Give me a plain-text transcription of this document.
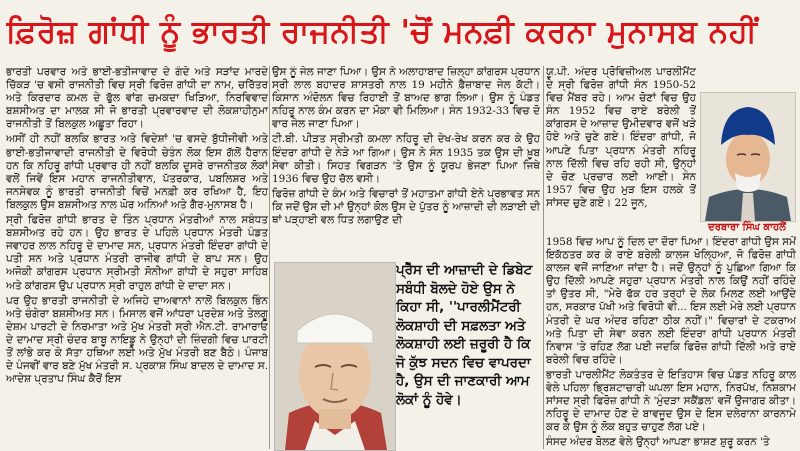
ਫ਼ਿਰੋਜ਼ ਗਾਂਧੀ ਨੂੰ ਭਾਰਤੀ ਰਾਜਨੀਤੀ 'ਚੋਂ ਮਨਫ਼ੀ ਕਰਨਾ ਮੁਨਾਸਬ ਨਹੀਂ

ਭਾਰਤੀ ਪਰਵਾਰ ਅਤੇ ਭਾਈ-ਭਤੀਜਾਵਾਦ ਦੇ ਗੰਦੇ ਅਤੇ ਸੜਾਂਦ ਮਾਰਦੇ ਚਿੱਕੜ 'ਚ ਵਸੀ ਰਾਜਨੀਤੀ ਵਿਚ ਸ੍ਰੀ ਫਿਰੋਜ਼ ਗਾਂਧੀ ਦਾ ਨਾਮ, ਚਰਿੱਤਰ ਅਤੇ ਕਿਰਦਾਰ ਕਮਲ ਦੇ ਫੁੱਲ ਵਾਂਗ ਚਮਕਦਾ ਖਿੜਿਆ, ਨਿਰਵਿਵਾਦ ਬਸ਼ਸੀਅਤ ਦਾ ਮਾਲਕ ਸੀ ਜੋ ਭਾਰਤੀ ਪ੍ਰਵਾਰਵਾਦ ਦੀ ਲੋਕਸ਼ਾਹੀਨੁਮਾ ਰਾਜਨੀਤੀ ਤੋਂ ਬਿਲਕੁਲ ਅਛੂਤਾ ਰਿਹਾ।

ਅਸੀਂ ਹੀ ਨਹੀਂ ਬਲਕਿ ਭਾਰਤ ਅਤੇ ਵਿਦੇਸ਼ਾਂ 'ਚ ਵਸਦੇ ਬੁੱਧੀਜੀਵੀ ਅਤੇ ਭਾਈ-ਭਤੀਜਾਵਾਦੀ ਰਾਜਨੀਤੀ ਦੇ ਵਿਰੋਧੀ ਚੇਤੰਨ ਲੋਕ ਇਸ ਗੱਲੋਂ ਹੈਰਾਨ ਹਨ ਕਿ ਨਹਿਰੂ ਗਾਂਧੀ ਪ੍ਰਵਾਰ ਹੀ ਨਹੀਂ ਬਲਕਿ ਦੂਸਰੇ ਰਾਜਨੀਤਕ ਲੋਕਾਂ ਵਲੋਂ ਜਿਵੇਂ ਇਸ ਮਹਾਨ ਰਾਜਨੀਤੀਵਾਨ, ਪੱਤਰਕਾਰ, ਪਬਲਿਸ਼ਰ ਅਤੇ ਜਨਸੇਵਕ ਨੂੰ ਭਾਰਤੀ ਰਾਜਨੀਤੀ ਵਿਚੋਂ ਮਨਫ਼ੀ ਕਰ ਰਖਿਆ ਹੈ, ਇਹ ਬਿਲਕੁਲ ਉਸ ਬਸ਼ਸੀਅਤ ਨਾਲ ਘੋਰ ਅਨਿਆਂ ਅਤੇ ਗੈਰ-ਮੁਨਾਸਬ ਹੈ।

ਸ੍ਰੀ ਫਿਰੋਜ਼ ਗਾਂਧੀ ਭਾਰਤ ਦੇ ਤਿੰਨ ਪ੍ਰਧਾਨ ਮੰਤਰੀਆਂ ਨਾਲ ਸਬੰਧਤ ਬਸ਼ਸੀਅਤ ਰਹੇ ਹਨ। ਉਹ ਭਾਰਤ ਦੇ ਪਹਿਲੇ ਪ੍ਰਧਾਨ ਮੰਤਰੀ ਪੰਡਤ ਜਵਾਹਰ ਲਾਲ ਨਹਿਰੂ ਦੇ ਦਾਮਾਦ ਸਨ, ਪ੍ਰਧਾਨ ਮੰਤਰੀ ਇੰਦਰਾ ਗਾਂਧੀ ਦੇ ਪਤੀ ਸਨ ਅਤੇ ਪ੍ਰਧਾਨ ਮੰਤਰੀ ਰਾਜੀਵ ਗਾਂਧੀ ਦੇ ਬਾਪ ਸਨ। ਉਹ ਅਜੋਕੀ ਕਾਂਗਰਸ ਪ੍ਰਧਾਨ ਸ੍ਰੀਮਤੀ ਸੋਨੀਆ ਗਾਂਧੀ ਦੇ ਸਹੁਰਾ ਸਾਹਿਬ ਅਤੇ ਕਾਂਗਰਸ ਉਪ ਪ੍ਰਧਾਨ ਸ੍ਰੀ ਰਾਹੁਲ ਗਾਂਧੀ ਦੇ ਦਾਦਾ ਸਨ।

ਪਰ ਉਹ ਭਾਰਤੀ ਰਾਜਨੀਤੀ ਦੇ ਅਜਿਹੇ ਦਾਅਵਾਨਾਂ ਨਾਲੋਂ ਬਿਲਕੁਲ ਭਿੰਨ ਅਤੇ ਚੰਗੇਰਾ ਬਸ਼ਸੀਅਤ ਸਨ। ਮਿਸਾਲ ਵਜੋਂ ਆਂਧਰਾ ਪ੍ਰਦੇਸ਼ ਅਤੇ ਤੇਲਗੂ ਦੇਸ਼ਮ ਪਾਰਟੀ ਦੇ ਨਿਰਮਾਤਾ ਅਤੇ ਮੁੱਖ ਮੰਤਰੀ ਸ੍ਰੀ ਐਨ.ਟੀ. ਰਾਮਾਰਾਓ ਦੇ ਦਾਮਾਦ ਸ੍ਰੀ ਚੰਦਰ ਬਾਬੂ ਨਾਇਡੂ ਨੇ ਉਨ੍ਹਾਂ ਦੀ ਜ਼ਿੰਦਗੀ ਵਿਚ ਪਾਰਟੀ ਤੋਂ ਲਾਂਭੇ ਕਰ ਕੇ ਸੱਤਾ ਹਥਿਆ ਲਈ ਅਤੇ ਮੁੱਖ ਮੰਤਰੀ ਬਣ ਬੈਠੇ। ਪੰਜਾਬ ਦੇ ਪੰਜਵੀਂ ਵਾਰ ਬਣੇ ਮੁੱਖ ਮੰਤਰੀ ਸ. ਪ੍ਰਕਾਸ਼ ਸਿੰਘ ਬਾਦਲ ਦੇ ਦਾਮਾਦ ਸ. ਆਦੇਸ਼ ਪ੍ਰਤਾਪ ਸਿੰਘ ਕੈਰੋਂ ਇਸ

ਉਸ ਨੂੰ ਜੇਲ ਜਾਣਾ ਪਿਆ। ਉਸ ਨੇ ਅਲਾਹਾਬਾਦ ਜ਼ਿਲ੍ਹਾ ਕਾਂਗਰਸ ਪ੍ਰਧਾਨ ਸ੍ਰੀ ਲਾਲ ਬਹਾਦਰ ਸ਼ਾਸਤਰੀ ਨਾਲ 19 ਮਹੀਨੇ ਫ਼ੈਜ਼ਾਬਾਦ ਜੇਲ ਕੱਟੀ। ਕਿਸਾਨ ਅੰਦੋਲਨ ਵਿਚ ਰਿਹਾਈ ਤੋਂ ਬਾਅਦ ਭਾਗ ਲਿਆ। ਉਸ ਨੂੰ ਪੰਡਤ ਨਹਿਰੂ ਨਾਲ ਕੰਮ ਕਰਨ ਦਾ ਮੌਕਾ ਵੀ ਮਿਲਿਆ। ਸੰਨ 1932-33 ਵਿਚ ਦੋ ਵਾਰ ਜੇਲ ਜਾਣਾ ਪਿਆ।

ਟੀ.ਬੀ. ਪੀੜਤ ਸ੍ਰੀਮਤੀ ਕਮਲਾ ਨਹਿਰੂ ਦੀ ਦੇਖ-ਰੇਖ ਕਰਨ ਕਰ ਕੇ ਉਹ ਇੰਦਰਾ ਗਾਂਧੀ ਦੇ ਨੇੜੇ ਆ ਗਿਆ। ਉਸ ਨੇ ਸੰਨ 1935 ਤਕ ਉਸ ਦੀ ਖ਼ੂਬ ਸੇਵਾ ਕੀਤੀ। ਸਿਹਤ ਵਿਗੜਨ 'ਤੇ ਉਸ ਨੂੰ ਯੂਰਪ ਭੇਜਣਾ ਪਿਆ ਜਿਥੇ 1936 ਵਿਚ ਉਹ ਚੱਲ ਵਸੀ।

ਫਿਰੋਜ਼ ਗਾਂਧੀ ਦੇ ਕੰਮ ਅਤੇ ਵਿਚਾਰਾਂ ਤੋਂ ਮਹਾਤਮਾ ਗਾਂਧੀ ਏਨੇ ਪ੍ਰਭਾਵਤ ਸਨ ਕਿ ਜਦੋਂ ਉਸ ਦੀ ਮਾਂ ਉਨ੍ਹਾਂ ਕੋਲ ਉਸ ਦੇ ਪੁੱਤਰ ਨੂੰ ਆਜ਼ਾਦੀ ਦੀ ਲੜਾਈ ਦੀ ਥਾਂ ਪੜ੍ਹਾਈ ਵਲ ਧਿਤ ਲਗਾਉਣ ਦੀ

ਪ੍ਰੈੱਸ ਦੀ ਆਜ਼ਾਦੀ ਦੇ ਡਿਬੇਟ ਸਬੰਧੀ ਬੋਲਦੇ ਹੋਏ ਉਸ ਨੇ ਕਿਹਾ ਸੀ, ''ਪਾਰਲੀਮੈਂਟਰੀ ਲੋਕਸ਼ਾਹੀ ਦੀ ਸਫ਼ਲਤਾ ਅਤੇ ਲੋਕਸ਼ਾਹੀ ਲਈ ਜ਼ਰੂਰੀ ਹੈ ਕਿ ਜੋ ਕੁੱਝ ਸਦਨ ਵਿਚ ਵਾਪਰਦਾ ਹੈ, ਉਸ ਦੀ ਜਾਣਕਾਰੀ ਆਮ ਲੋਕਾਂ ਨੂੰ ਹੋਵੇ।

ਯੂ.ਪੀ. ਅੰਦਰ ਪ੍ਰੋਵਿਜ਼ੀਅਲ ਪਾਰਲੀਮੈਂਟ ਦੇ ਸ੍ਰੀ ਫਿਰੋਜ਼ ਗਾਂਧੀ ਸੰਨ 1950-52 ਵਿਚ ਮੈਂਬਰ ਰਹੇ। ਆਮ ਚੋਣਾਂ ਵਿਚ ਉਹ ਸੰਨ 1952 ਵਿਚ ਰਾਏ ਬਰੇਲੀ ਤੋਂ ਕਾਂਗਰਸ ਦੇ ਆਜ਼ਾਦ ਉਮੀਦਵਾਰ ਵਜੋਂ ਖੜੇ ਹੋਏ ਅਤੇ ਚੁਣੇ ਗਏ। ਇੰਦਰਾ ਗਾਂਧੀ, ਜੋ ਆਪਣੇ ਪਿਤਾ ਪ੍ਰਧਾਨ ਮੰਤਰੀ ਨਹਿਰੂ ਨਾਲ ਦਿੱਲੀ ਵਿਚ ਰਹਿ ਰਹੀ ਸੀ, ਉਨ੍ਹਾਂ ਦੇ ਚੋਣ ਪ੍ਰਚਾਰ ਲਈ ਆਈ। ਸੰਨ 1957 ਵਿਚ ਉਹ ਮੁੜ ਇਸ ਹਲਕੇ ਤੋਂ ਸਾਂਸਦ ਚੁਣੇ ਗਏ। 22 ਜੂਨ,

ਦਰਬਾਰਾ ਸਿੰਘ ਕਾਹਲੋਂ

1958 ਵਿਚ ਆਪ ਨੂੰ ਦਿਲ ਦਾ ਦੌਰਾ ਪਿਆ। ਇੰਦਰਾ ਗਾਂਧੀ ਉਸ ਸਮੇਂ ਇਕੱਠਤਰ ਕਰ ਕੇ ਰਾਏ ਬਰੇਲੀ ਕਾਲਜ ਖੋਲ੍ਹਿਆ, ਜੋ ਫਿਰੋਜ਼ ਗਾਂਧੀ ਕਾਲਜ ਵਜੋਂ ਜਾਣਿਆ ਜਾਂਦਾ ਹੈ। ਜਦੋਂ ਉਨ੍ਹਾਂ ਨੂੰ ਪੁਛਿਆ ਗਿਆ ਕਿ ਉਹ ਦਿੱਲੀ ਆਪਣੇ ਸਹੁਰਾ ਪ੍ਰਧਾਨ ਮੰਤਰੀ ਨਾਲ ਕਿਉਂ ਨਹੀਂ ਰਹਿੰਦੇ ਤਾਂ ਉਤਰ ਸੀ, "ਮੇਰੇ ਫੱਕ ਹਰ ਤਰ੍ਹਾਂ ਦੇ ਲੋਕ ਮਿਲਣ ਲਈ ਆਉਂਦੇ ਹਨ, ਸਰਕਾਰ ਪੱਖੀ ਅਤੇ ਵਿਰੋਧੀ ਵੀ... ਇਸ ਲਈ ਮੇਰੇ ਲਈ ਪ੍ਰਧਾਨ ਮੰਤਰੀ ਦੇ ਘਰ ਅੰਦਰ ਰਹਿਣਾ ਠੀਕ ਨਹੀਂ।" ਵਿਚਾਰਾਂ ਦੇ ਟਕਰਾਅ ਅਤੇ ਪਿਤਾ ਦੀ ਸੇਵਾ ਕਰਨ ਲਈ ਇੰਦਰਾ ਗਾਂਧੀ ਪ੍ਰਧਾਨ ਮੰਤਰੀ ਨਿਵਾਸ 'ਤੇ ਰਹਿਣ ਲੱਗ ਪਈ ਜਦਕਿ ਫਿਰੋਜ਼ ਗਾਂਧੀ ਦਿੱਲੀ ਅਤੇ ਰਾਏ ਬਰੇਲੀ ਵਿਚ ਰਹਿੰਦੇ।

ਭਾਰਤੀ ਪਾਰਲੀਮੈਂਟ ਲੋਕਤੰਤਰ ਦੇ ਇਤਿਹਾਸ ਵਿਚ ਪੰਡਤ ਨਹਿਰੂ ਕਾਲ ਵੇਲੇ ਪਹਿਲਾ ਭ੍ਰਿਸ਼ਟਾਚਾਰੀ ਘਪਲਾ ਇਸ ਮਹਾਨ, ਨਿਰਪੱਖ, ਨਿਸ਼ਕਾਮ ਸਾਂਸਦ ਸ੍ਰੀ ਫਿਰੋਜ਼ ਗਾਂਧੀ ਨੇ 'ਮੁੰਦੜਾ ਸਕੈਂਡਲ' ਵਜੋਂ ਉਜਾਗਰ ਕੀਤਾ। ਨਹਿਰੂ ਦੇ ਦਾਮਾਦ ਹੋਣ ਦੇ ਬਾਵਜੂਦ ਉਸ ਦੇ ਇਸ ਦਲੇਰਾਨਾ ਕਾਰਨਾਮੇ ਕਰ ਕੇ ਉਸ ਨੂੰ ਲੋਕ ਬਹੁਤ ਚਾਹੁਣ ਲੱਗ ਪਏ।

ਸੰਸਦ ਅੰਦਰ ਬੋਲਣ ਵੇਲੇ ਉਨ੍ਹਾਂ ਆਪਣਾ ਭਾਸ਼ਣ ਸ਼ੁਰੂ ਕਰਨ 'ਤੇ
